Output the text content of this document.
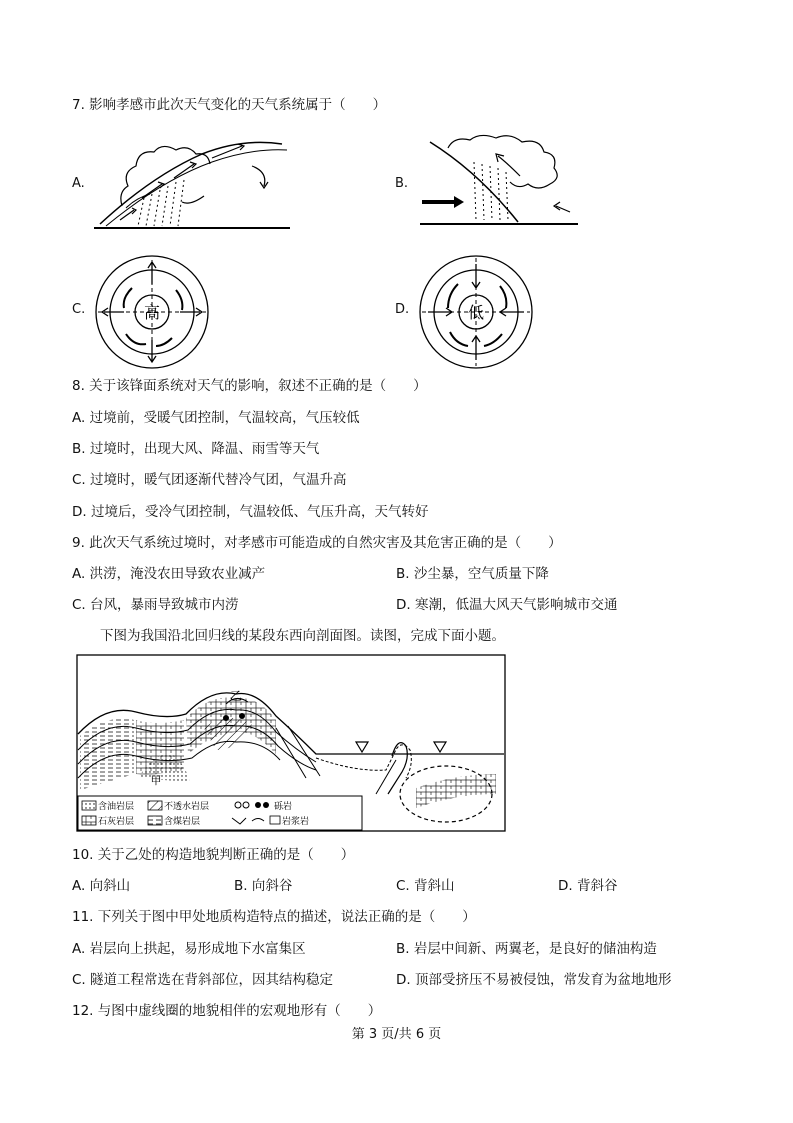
7. 影响孝感市此次天气变化的天气系统属于（　　）
A.	B.
C.	高	D.	低
8. 关于该锋面系统对天气的影响，叙述不正确的是（　　）
A. 过境前，受暖气团控制，气温较高，气压较低
B. 过境时，出现大风、降温、雨雪等天气
C. 过境时，暖气团逐渐代替冷气团，气温升高
D. 过境后，受冷气团控制，气温较低、气压升高，天气转好
9. 此次天气系统过境时，对孝感市可能造成的自然灾害及其危害正确的是（　　）
A. 洪涝，淹没农田导致农业减产	B. 沙尘暴，空气质量下降
C. 台风，暴雨导致城市内涝	D. 寒潮，低温大风天气影响城市交通
下图为我国沿北回归线的某段东西向剖面图。读图，完成下面小题。
乙
甲
含油岩层	不透水岩层	砾岩
石灰岩层	含煤岩层	岩浆岩
10. 关于乙处的构造地貌判断正确的是（　　）
A. 向斜山	B. 向斜谷	C. 背斜山	D. 背斜谷
11. 下列关于图中甲处地质构造特点的描述，说法正确的是（　　）
A. 岩层向上拱起，易形成地下水富集区	B. 岩层中间新、两翼老，是良好的储油构造
C. 隧道工程常选在背斜部位，因其结构稳定	D. 顶部受挤压不易被侵蚀，常发育为盆地地形
12. 与图中虚线圈的地貌相伴的宏观地形有（　　）
第 3 页/共 6 页
